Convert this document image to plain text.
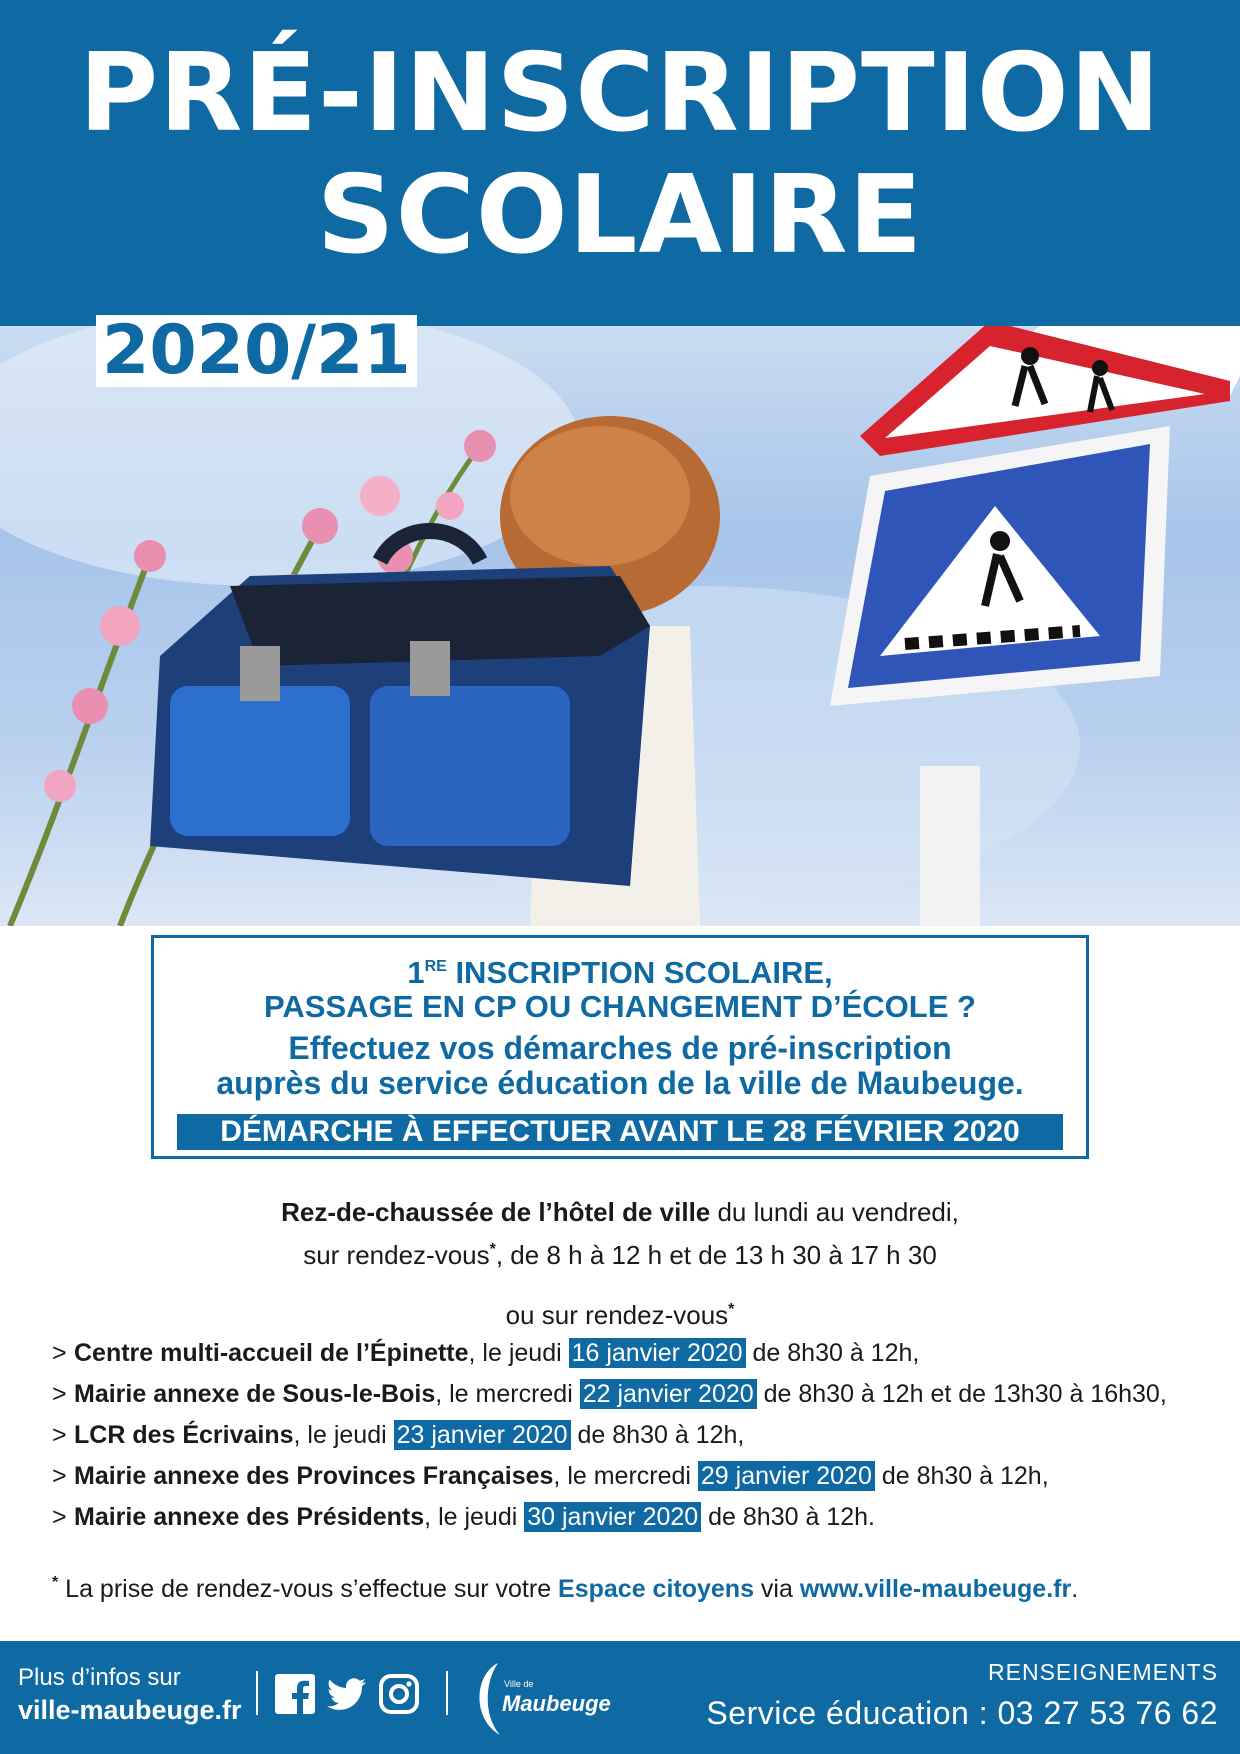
PRÉ-INSCRIPTION
SCOLAIRE
2020/21
1RE INSCRIPTION SCOLAIRE,
PASSAGE EN CP OU CHANGEMENT D’ÉCOLE ?
Effectuez vos démarches de pré-inscription
auprès du service éducation de la ville de Maubeuge.
DÉMARCHE À EFFECTUER AVANT LE 28 FÉVRIER 2020
Rez-de-chaussée de l’hôtel de ville du lundi au vendredi,
sur rendez-vous*, de 8 h à 12 h et de 13 h 30 à 17 h 30
ou sur rendez-vous*
> Centre multi-accueil de l’Épinette, le jeudi 16 janvier 2020 de 8h30 à 12h,
> Mairie annexe de Sous-le-Bois, le mercredi 22 janvier 2020 de 8h30 à 12h et de 13h30 à 16h30,
> LCR des Écrivains, le jeudi 23 janvier 2020 de 8h30 à 12h,
> Mairie annexe des Provinces Françaises, le mercredi 29 janvier 2020 de 8h30 à 12h,
> Mairie annexe des Présidents, le jeudi 30 janvier 2020 de 8h30 à 12h.
* La prise de rendez-vous s’effectue sur votre Espace citoyens via www.ville-maubeuge.fr.
Plus d’infos sur
ville-maubeuge.fr
Ville de
Maubeuge
RENSEIGNEMENTS
Service éducation : 03 27 53 76 62
